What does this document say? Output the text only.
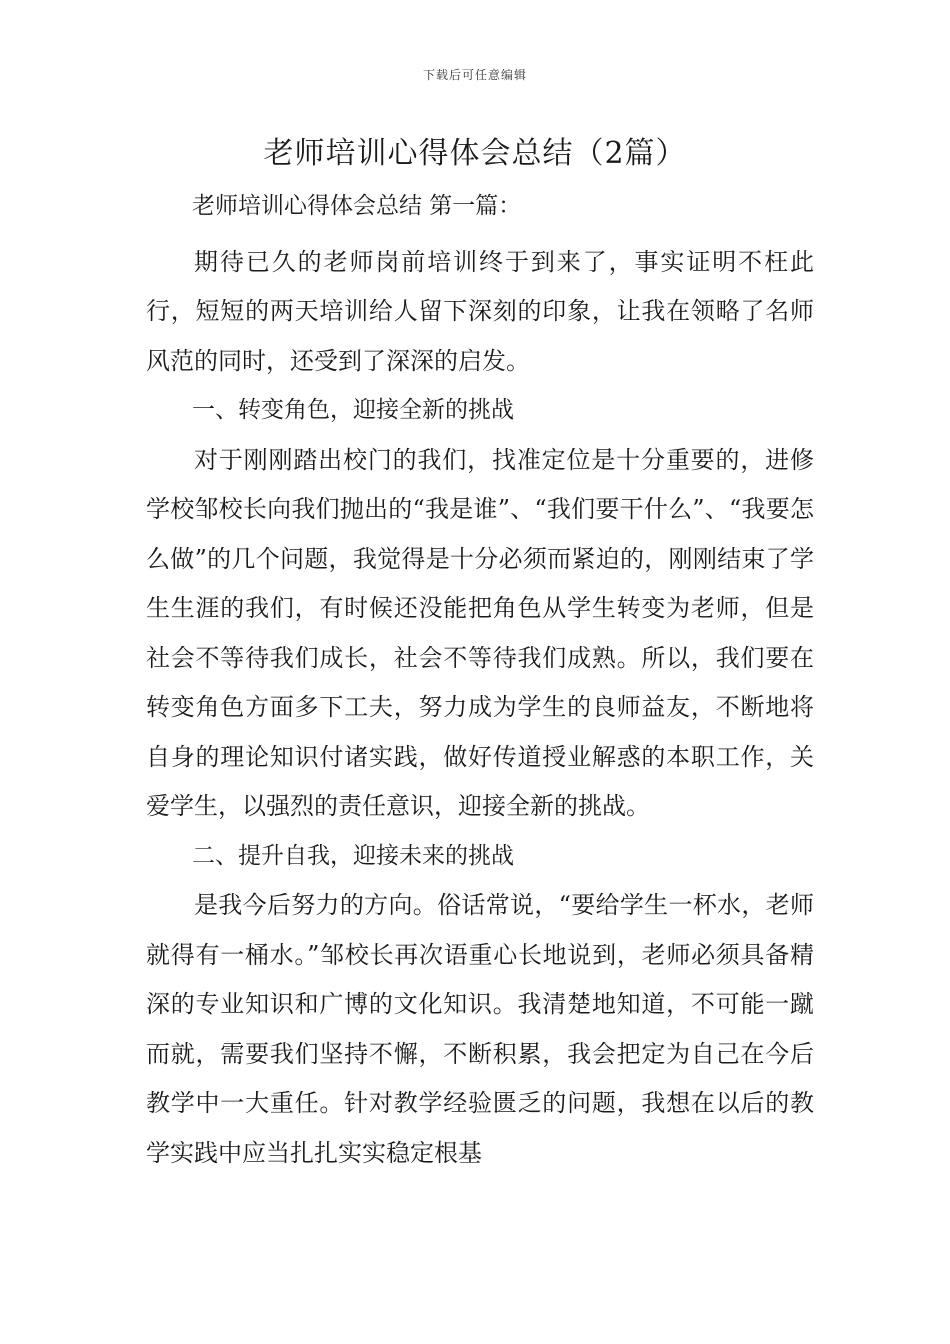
下载后可任意编辑
老师培训心得体会总结（2篇）

老师培训心得体会总结 第一篇：

期待已久的老师岗前培训终于到来了，事实证明不枉此行，短短的两天培训给人留下深刻的印象，让我在领略了名师风范的同时，还受到了深深的启发。

一、转变角色，迎接全新的挑战

对于刚刚踏出校门的我们，找准定位是十分重要的，进修学校邹校长向我们抛出的“我是谁”、“我们要干什么”、“我要怎么做”的几个问题，我觉得是十分必须而紧迫的，刚刚结束了学生生涯的我们，有时候还没能把角色从学生转变为老师，但是社会不等待我们成长，社会不等待我们成熟。所以，我们要在转变角色方面多下工夫，努力成为学生的良师益友，不断地将自身的理论知识付诸实践，做好传道授业解惑的本职工作，关爱学生，以强烈的责任意识，迎接全新的挑战。

二、提升自我，迎接未来的挑战

是我今后努力的方向。俗话常说，“要给学生一杯水，老师就得有一桶水。”邹校长再次语重心长地说到，老师必须具备精深的专业知识和广博的文化知识。我清楚地知道，不可能一蹴而就，需要我们坚持不懈，不断积累，我会把定为自己在今后教学中一大重任。针对教学经验匮乏的问题，我想在以后的教学实践中应当扎扎实实稳定根基
